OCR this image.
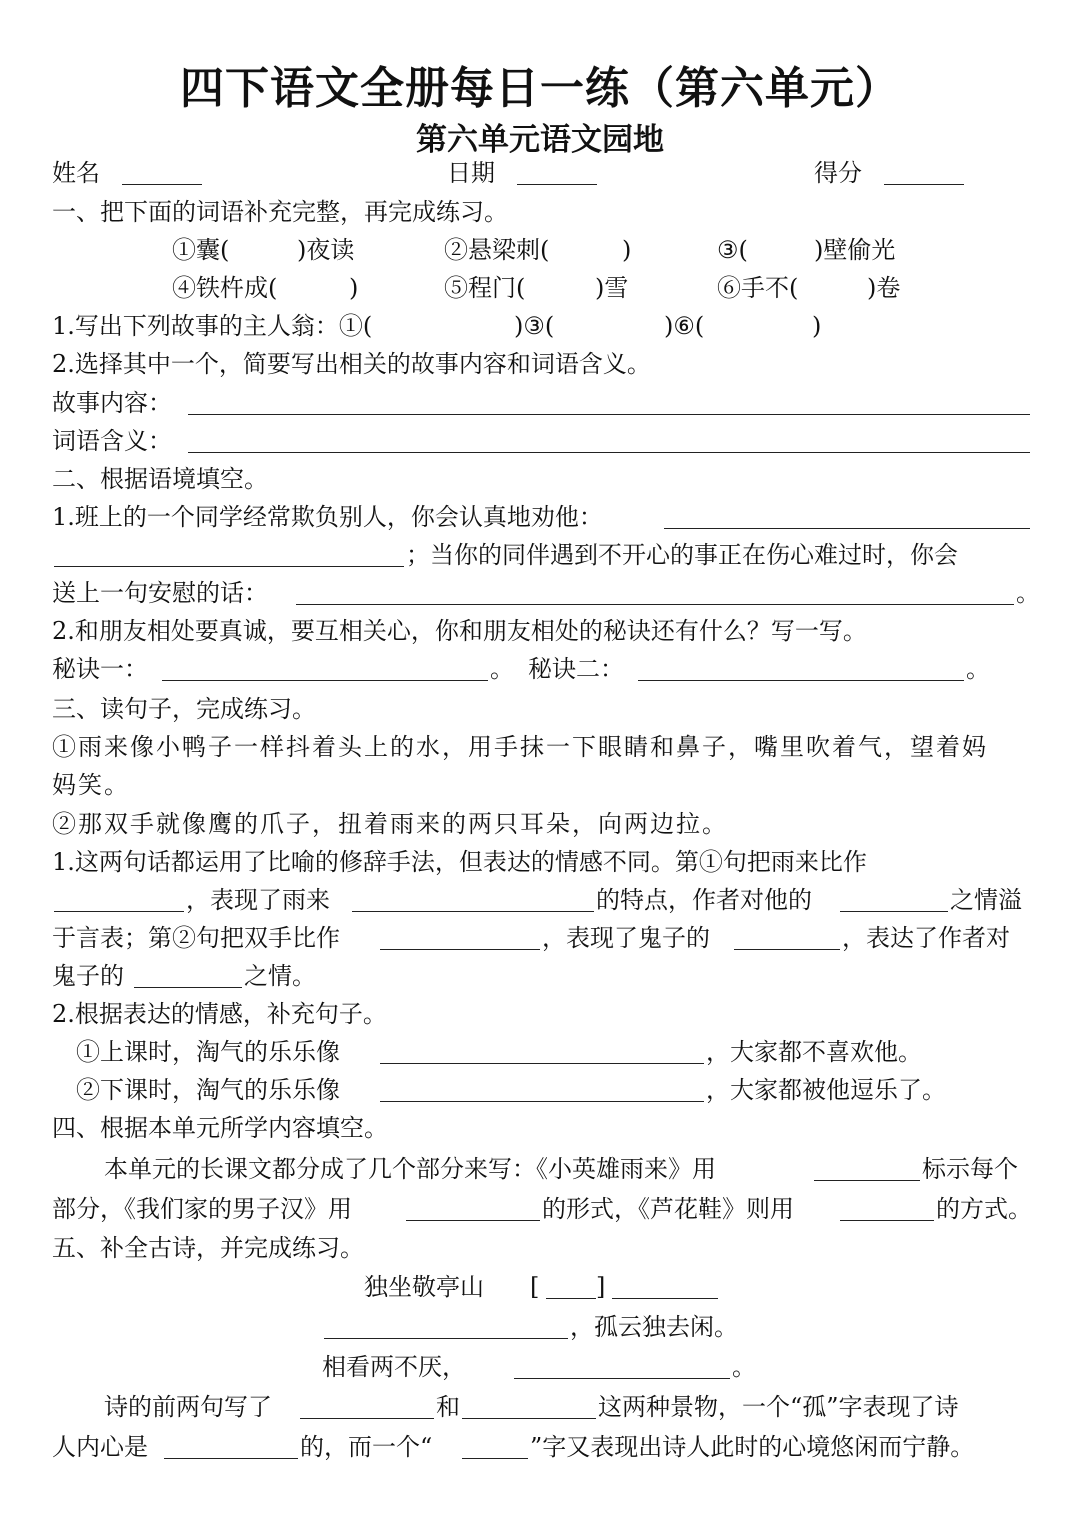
四下语文全册每日一练（第六单元）
第六单元语文园地
姓名	日期	得分
一、把下面的词语补充完整，再完成练习。
①囊(	)夜读	②悬梁刺(	)	③(	)壁偷光
④铁杵成(	)	⑤程门(	)雪	⑥手不(	)卷
1.写出下列故事的主人翁：①(	)③(	)⑥(	)
2.选择其中一个，简要写出相关的故事内容和词语含义。
故事内容：
词语含义：
二、根据语境填空。
1.班上的一个同学经常欺负别人，你会认真地劝他：
；当你的同伴遇到不开心的事正在伤心难过时，你会
送上一句安慰的话：	。
2.和朋友相处要真诚，要互相关心，你和朋友相处的秘诀还有什么？写一写。
秘诀一：	。 秘诀二：	。
三、读句子，完成练习。
①雨来像小鸭子一样抖着头上的水，用手抹一下眼睛和鼻子，嘴里吹着气，望着妈
妈笑。
②那双手就像鹰的爪子，扭着雨来的两只耳朵，向两边拉。
1.这两句话都运用了比喻的修辞手法，但表达的情感不同。第①句把雨来比作
，表现了雨来	的特点，作者对他的	之情溢
于言表；第②句把双手比作	，表现了鬼子的	，表达了作者对
鬼子的	之情。
2.根据表达的情感，补充句子。
①上课时，淘气的乐乐像	，大家都不喜欢他。
②下课时，淘气的乐乐像	，大家都被他逗乐了。
四、根据本单元所学内容填空。
本单元的长课文都分成了几个部分来写：《小英雄雨来》用	标示每个
部分，《我们家的男子汉》用	的形式，《芦花鞋》则用	的方式。
五、补全古诗，并完成练习。
独坐敬亭山 [ ]
，孤云独去闲。
相看两不厌，	。
诗的前两句写了	和	这两种景物，一个“孤”字表现了诗
人内心是	的，而一个“	”字又表现出诗人此时的心境悠闲而宁静。
